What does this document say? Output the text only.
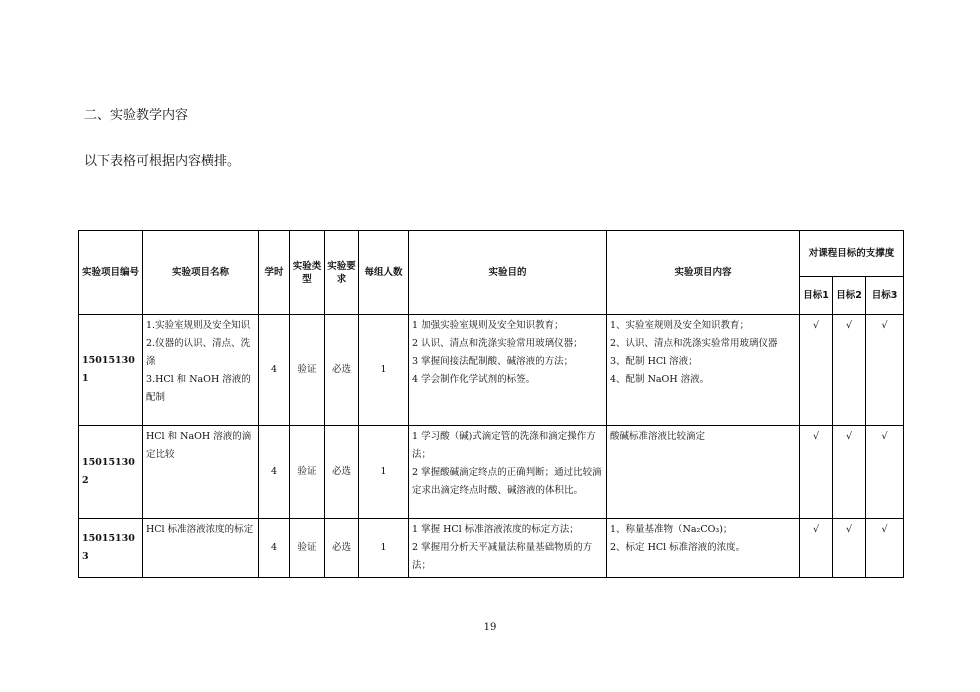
二、实验教学内容
以下表格可根据内容横排。
实验项目编号	实验项目名称	学时	实验类型	实验要求	每组人数	实验目的	实验项目内容	对课程目标的支撑度		
								目标1	目标2	目标3
150151301	1.实验室规则及安全知识
2.仪器的认识、清点、洗涤
3.HCl 和 NaOH 溶液的配制	4	验证	必选	1	1 加强实验室规则及安全知识教育；
2 认识、清点和洗涤实验常用玻璃仪器；
3 掌握间接法配制酸、碱溶液的方法；
4 学会制作化学试剂的标签。	1、实验室规则及安全知识教育；
2、认识、清点和洗涤实验常用玻璃仪器
3、配制 HCl 溶液；
4、配制 NaOH 溶液。	√	√	√
150151302	HCl 和 NaOH 溶液的滴定比较	4	验证	必选	1	1 学习酸（碱)式滴定管的洗涤和滴定操作方法；
2 掌握酸碱滴定终点的正确判断；通过比较滴定求出滴定终点时酸、碱溶液的体积比。	酸碱标准溶液比较滴定	√	√	√
150151303	HCl 标准溶液浓度的标定	4	验证	必选	1	1 掌握 HCl 标准溶液浓度的标定方法；
2 掌握用分析天平减量法称量基础物质的方法；	1、称量基准物（Na₂CO₃)；
2、标定 HCl 标准溶液的浓度。	√	√	√
19
